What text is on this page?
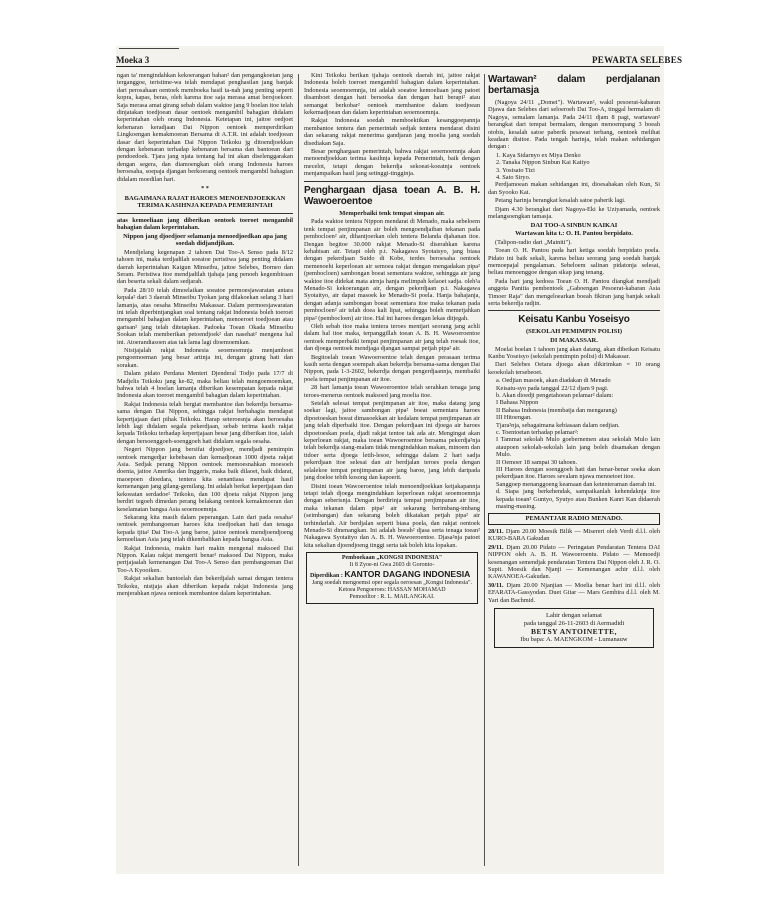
Moeka 3	PEWARTA SELEBES

ngan ta' mengindahkan kekoerangan bahan² dan pengangkoetan jang terganggoe, teristime-wa telah mendapat penghasilan jang banjak dari perosahaan oentoek memboeka hasil ta-nah jang penting seperti kopra, kapas, beras, oleh karena itoe saja merasa amat bersjoekoer. Saja merasa amat girang sebab dalam waktoe jang 9 boelan itoe telah dinjatakan toedjoean dasar oentoek mengambil bahagian didalam keperintahan oleh orang Indonesia. Ketetapan ini, jaitoe oedjoet kebenaran keradjaan Dai Nippon oentoek memperdirikan Lingkoengan kemakmoeran Bersama di A.T.R. ini adalah toedjoean dasar dari keperintahan Dai Nippon Teikoku jg ditoendjoekkan dengan kebenaran terhadap kebenaran bersama dan bantoean dari pendoedoek. Tjara jang njata tentang hal ini akan diselenggarakan dengan segera, dan diamoengkan oleh orang Indonesia haroes beroesaha, soepaja djangan berkoerang oentoek mengambil bahagian didalam moedilan hari.

* *
BAGAIMANA RAJAT HAROES MENOENDJOEKKAN TERIMA KASIHNJA KEPADA PEMERINTAH

atas kemoeliaan jang diberikan oentoek toeroet mengambil bahagian dalam keperintahan.

Nippon jang djoedjoer selamanja menoedjoedkan apa jang soedah didjandjikan.

Mendjelang kegenapan 2 tahoen Dai Too-A Senso pada 8/12 tahoen ini, maka terdjadilah soeatoe peristiwa jang penting didalam daerah keperintahan Kaigun Minseibu, jaitoe Selebes, Borneo dan Seram. Peristiwa itoe mendjadilah tjahaja jang penoeh kegembiraan dan beserta sekali dalam sedjarah.

Pada 28/10 telah dimoelaikan soeatoe permoesjawaratan antara kepala² dari 3 daerah Minseibu Tyokan jang dilakoekan selang 3 hari lamanja, atas oesaha Minseibu Makassar. Dalam permoesjawaratan ini telah diperbintjangkan soal tentang rakjat Indonesia boleh toeroet mengambil bahagian dalam keperintahan, menoeroet toedjoean atau garisan² jang telah ditetapkan. Padoeka Toean Okada Minseibu Sookan telah memberikan petoendjoek² dan nasehat² mengena hal ini. Atoerandiasoen atas tak lama lagi dioemoemkan.

Nistjajalah rakjat Indonesia seoemoemnja menjamboet pengoemoeman jang besar artinja ini, dengan girang hati dan sorakan.

Dalam pidato Perdana Menteri Djenderal Todjo pada 17/7 di Madjelis Teikoku jang ke-82, maka beliau telah mengoemoemkan, bahwa telah 4 boelan lamanja diberikan kesempatan kepada rakjat Indonesia akan toeroet mengambil bahagian dalam keperintahan.

Rakjat Indonesia telah bergiat membantoe dan bekerdja bersama-sama dengan Dai Nippon, sehingga rakjat berbahagia mendapat kepertjajaan dari pihak Teikoku. Harap seteroesnja akan beroesaha lebih lagi didalam segala pekerdjaan, sebab terima kasih rakjat kepada Teikoku terhadap kepertjajaan besar jang diberikan itoe, ialah dengan bersoenggoeh-soenggoeh hati didalam segala oesaha.

Negeri Nippon jang bersifat djoedjoer, mendjadi pemimpin oentoek mengedjar kebebasan dan kemadjoean 1000 djoeta rakjat Asia. Sedjak perang Nippon oentoek memoesnahkan moesoeh doenia, jaitoe Amerika dan Inggeris, maka baik dilaoet, baik didarat, maoepoen dioedara, tentera kita senantiasa mendapat hasil kemenangan jang gilang-gemilang. Ini adalah berkat kepertjajaan dan kekoeatan serdadoe² Teikoku, dan 100 djoeta rakjat Nippon jang berdiri tegoeh dimedan perang belakang oentoek kemakmoeran dan keselamatan bangsa Asia seoemoemnja.

Sekarang kita masih dalam peperangan. Lain dari pada oesaha² oentoek pembangoenan haroes kita toedjoekan hati dan tenaga kepada tjita² Dai Too-A jang baroe, jaitoe oentoek mendjoendjoeng kemoeliaan Asia jang telah dikembalikan kepada bangsa Asia.

Rakjat Indonesia, makin hari makin mengenal maksoed Dai Nippon. Kalau rakjat mengerti benar² maksoed Dai Nippon, maka pertjajaalah kemenangan Dai Too-A Senso dan pembangoenan Dai Too-A Kyooiken.

Rakjat sekalian bantoelah dan bekerdjalah samai dengan tentera Teikoku, nistjaja akan diberikan kepada rakjat Indonesia jang menjerahkan njawa oentoek membantoe dalam keperintahan.

Kini Teikoku berikan tjahaja oentoek daerah ini, jaitoe rakjat Indonesia boleh toeroet mengambil bahagian dalam keperintahan. Indonesia seoemoemnja, ini adalah soeatoe kemoeliaan jang patoet disamboet dengan hati bersoeka dan dengan hati berapi² atau semangat berkobar² oentoek membantoe dalam toedjoean kekemadjoean dan dalam keperintahan seoemoemnja.

Rakjat Indonesia soedah memboektikan kesanggoepannja membantoe tentera dan pemerintah sedjak tentera mendarat disini dan sekarang rakjat menerima gandjaran jang moelia jang soedah disediakan Saja.

Besar penghargaan pemerintah, bahwa rakjat seoemoemnja akan menoendjoekkan terima kasihnja kepada Pemerintah, baik dengan mecelot, tetapi dengan bekerdja sekoeat-koeatnja oentoek menjampaikan hasil jang setinggi-tingginja.

Penghargaan djasa toean A. B. H. Wawoeroentoe
Memperbaiki tenk tempat simpan air.

Pada waktoe tentera Nippon mendarat di Menado, maka sebeloem tenk tempat penjimpanan air boleh mengoendjaiban tekanan pada pembocloen² air, dihantjoerkan oleh tentera Belanda djahanan itoe. Dengan begitoe 30.000 rakjat Menado-Si diserahkan karena kehabisan air. Tetapi oleh p.t. Nakagawa Syotaisyo, jang biasa dengan pekerdjaan Suido di Kobe, terdes beroesaha oentoek memenoehi keperloean air semoea rakjat dengan mengadakan pipa² (pembocloen) sambongan boeat sementara waktoe, sehingga air jang waktoe itoe didekat mata airnja hanja melimpah kelaoet sadja. oleh²a Menado-Si kekoerangan air, dengan pekerdjaan p.t. Nakagawa Syotaityo, air dapat masoek ke Menado-Si poela. Hanja bahajanja, dengan adanja sambongan boeat sementara itoe maka tekanan pada pembocloen² air telah doea kali lipat, sehingga boleh memetjahkan pipa² (pembocloen) air itoe. Hal ini haroes dengan lekas ditjegah.

Oleh sebab itoe maka tentera teroes mentjari seorang jang achli dalam hal itoe maka, terpanggillah toean A. B. H. Wawoeroentoe oentoek memperbaiki tempat penjimpanan air jang telah roesak itoe, dan djoega oentoek mendjaga djangan sampai petjah pipa² air.

Begitoelah toean Wawoeroentoe telah dengan perasaan terima kasih serta dengan soempah akan bekerdja bersama-sama dengan Dai Nippon, pada 1-3-2602, bekerdja dengan pengerdjaannja, membaiki poela tempat penjimpanan air itoe.

28 hari lamanja toean Wawoeroentoe telah serahkan tenaga jang teroes-menerus oentoek maksoed jang moelia itoe.

Setelah selesai tempat penjimpanan air itoe, maka datang jang soekar lagi, jaitoe sambongan pipa² boeat sementara haroes dipoetoeskan boeat dimasoekkan air kedalam tempat penjimpanan air jang telah diperbaiki itoe. Dengan pekerdjaan ini djoega air haroes dipoetoeskan poela, djadi rakjat tentoe tak ada air. Mengingat akan keperloean rakjat, maka toean Wawoeroentoe bersama pekerdja²nja telah bekerdja siang-malam tidak mengindahkan makan, minoem dan tidoer serta djoega letih-lesoe, sehingga dalam 2 hari sadja pekerdjaan itoe selesai dan air berdjalan teroes poela dengan selalekoe tempat penjimpanan air jang baroe, jang lebih daripada jang doeloe tebih kosong dan kapoerit.

Disini toean Wawoeroentoe telah menoendjoekkan ketjakapannja tetapi telah djoega mengindahkan keperloean rakjat seoemoemnja dengan seberisnja. Dengan berdirinja tempat penjimpanan air itoe, maka tekanan dalam pipa² air sekarang berimbang-imbang (seimbangan) dan sekarang boleh dikatakan petjah pipa² air terhindarlah. Air berdjalan seperti biasa poela, dan rakjat oentoek Menado-Si dinenangkan. Ini adalah boeah² djasa serta tenaga toean² Nakagawa Syotaityo dan A. B. H. Wawoeroentoe. Djasa²nja patoet kita sekalian djoendjoeng tinggi serta tak boleh kita lopakan.

Pemboekaan „KONGSI INDONESIA"
Ii 8 Zyoe-ni Gwa 2603 di Goronto-
Diperdikan : KANTOR DAGANG INDONESIA
Jang soedah mengoemsi oper segala oeroesan „Kongsi Indonesia".
Ketoea Pengoeroes: HASSAN MOHAMAD
Pemoeiltor : R. L. MAILANGKAI.
Wartawan² dalam perdjalanan bertamasja

(Nagoya 24/11 „Domei"). Wartawan², wakil pesoerat-kabaran Djawa dan Selebes dari seloeroeh Dai Too-A, tinggal bermalam di Nagoya, semalam lamanja. Pada 24/11 djam 8 pagi, wartawan² berangkat dari tempat bermalam, dengan menoempang 3 boeah otobis, kesalah satoe paberik pesawat terbang, oentoek melihat keadaan disitoe. Pada tengah harinja, telah makan sehidangan dengan :

1. Kaya Sidarnyo ex Miya Denko

2. Tanaka Nippon Sinbun Kai Kaityo

3. Yosisato Tizi

4. Sato Siryo.

Perdjamoean makan sehidangan ini, dioesahakan oleh Kun, Si dan Syooko Kai.

Petang harinja berangkat kesalah satoe paberik lagi.

Djam 4.30 berangkat dari Nagoya-Eki ke Uziyamada, oentoek melangsoengkan tamasja.

DAI TOO-A SINBUN KAIKAI
Wartawan kita t.: O. H. Pantou berpidato.

(Talipon-radio dari „Mainiti").

Toean O. H. Pantou pada hari ketiga soedah berpidato poela. Pidato ini baik sekali, karena beliau seorang jang soedah banjak memoepajal pengalaman. Sebeloem salinan pidatonja selesai, beliau menoenggoe dengan sikap jang tenang.

Pada hari jang kedoea Toean O. H. Pantou diangkat mendjadi anggota Panitia pembentoek „Gaboengan Pesoerat-kabaran Asia Timoer Raja" dan mengeloearkan boeah fikiran jang banjak sekali serta bekerdja radjin.

Keisatu Kanbu Yoseisyo
(SEKOLAH PEMIMPIN POLISI)
DI MAKASSAR.

Moelai boelan 1 tahoen jang akan datang, akan dibeikan Keisatu Kanbu Yoseisyo (sekolah pemimpin polisi) di Makassar.

Dari Selebes Oetara djoega akan dikirimkan = 10 orang keoekolah tersebeoet.

a. Oedjian masoek, akan diadakan di Menado

Keisatu-syo pada tanggal 22/12 djam 9 pagi.

b. Akan dioedji pengetahoean pelamar² dalam:

I Bahasa Nippon

II Bahasa Indonesia (membatja dan mengarang)

III Hitoengan.

Tjara²nja, sebagaimana kebiasaan dalam oedjian.

c. Toentoetan terhadap pelamar²:

I Tammat sekolah Mulo goebernemen atau sekolah Mulo lain ataupoen sekolah-sekolah lain jang boleh disamakan dengan Mulo.

II Oemoer 18 sampai 30 tahoen.

III Haroes dengan soenggoeh hati dan benar-benar soeka akan pekerdjaan itoe. Haroes sevalam njawa menoetoet itoe.

Sanggoep menanggoeng keamaan dan ketenteraman daerah ini.

d. Siapa jang berkehendak, sampaikanlah kehendaknja itoe kepada toean² Guntyo, Syutyo atau Bunken Kanri Kan didaerah masing-masing.

PEMANTJAR RADIO MENADO.

28/11. Djam 20.00 Moesik Bilik — Misereri oleh Verdi d.l.l. oleh KURO-BARA Gakudan

29/11. Djam 20.00 Pidato — Peringatan Pendaratan Tentera DAI NIPPON oleh A. B. H. Wawoeroentu. Pidato — Memoedji kesenangan semendjak pendaratan Tentera Dai Nippon oleh J. R. O. Supit. Moesik dan Njanji — Kemenangan achir d.l.l. oleh KAWANOEA-Gakudan.

30/11. Djam 20.00 Njanjian — Moelia benar hari ini d.l.l. oleh EFARATA-Gassyodan. Duet Gitar — Mars Gembira d.l.l. oleh M. Yari dan Bachmid.

Lahir dengan selamat
pada tanggal 26-11-2603 di Aermadidi
BETSY ANTOINETTE,
Ibu bapa: A. MAENGKOM - Lumanauw
